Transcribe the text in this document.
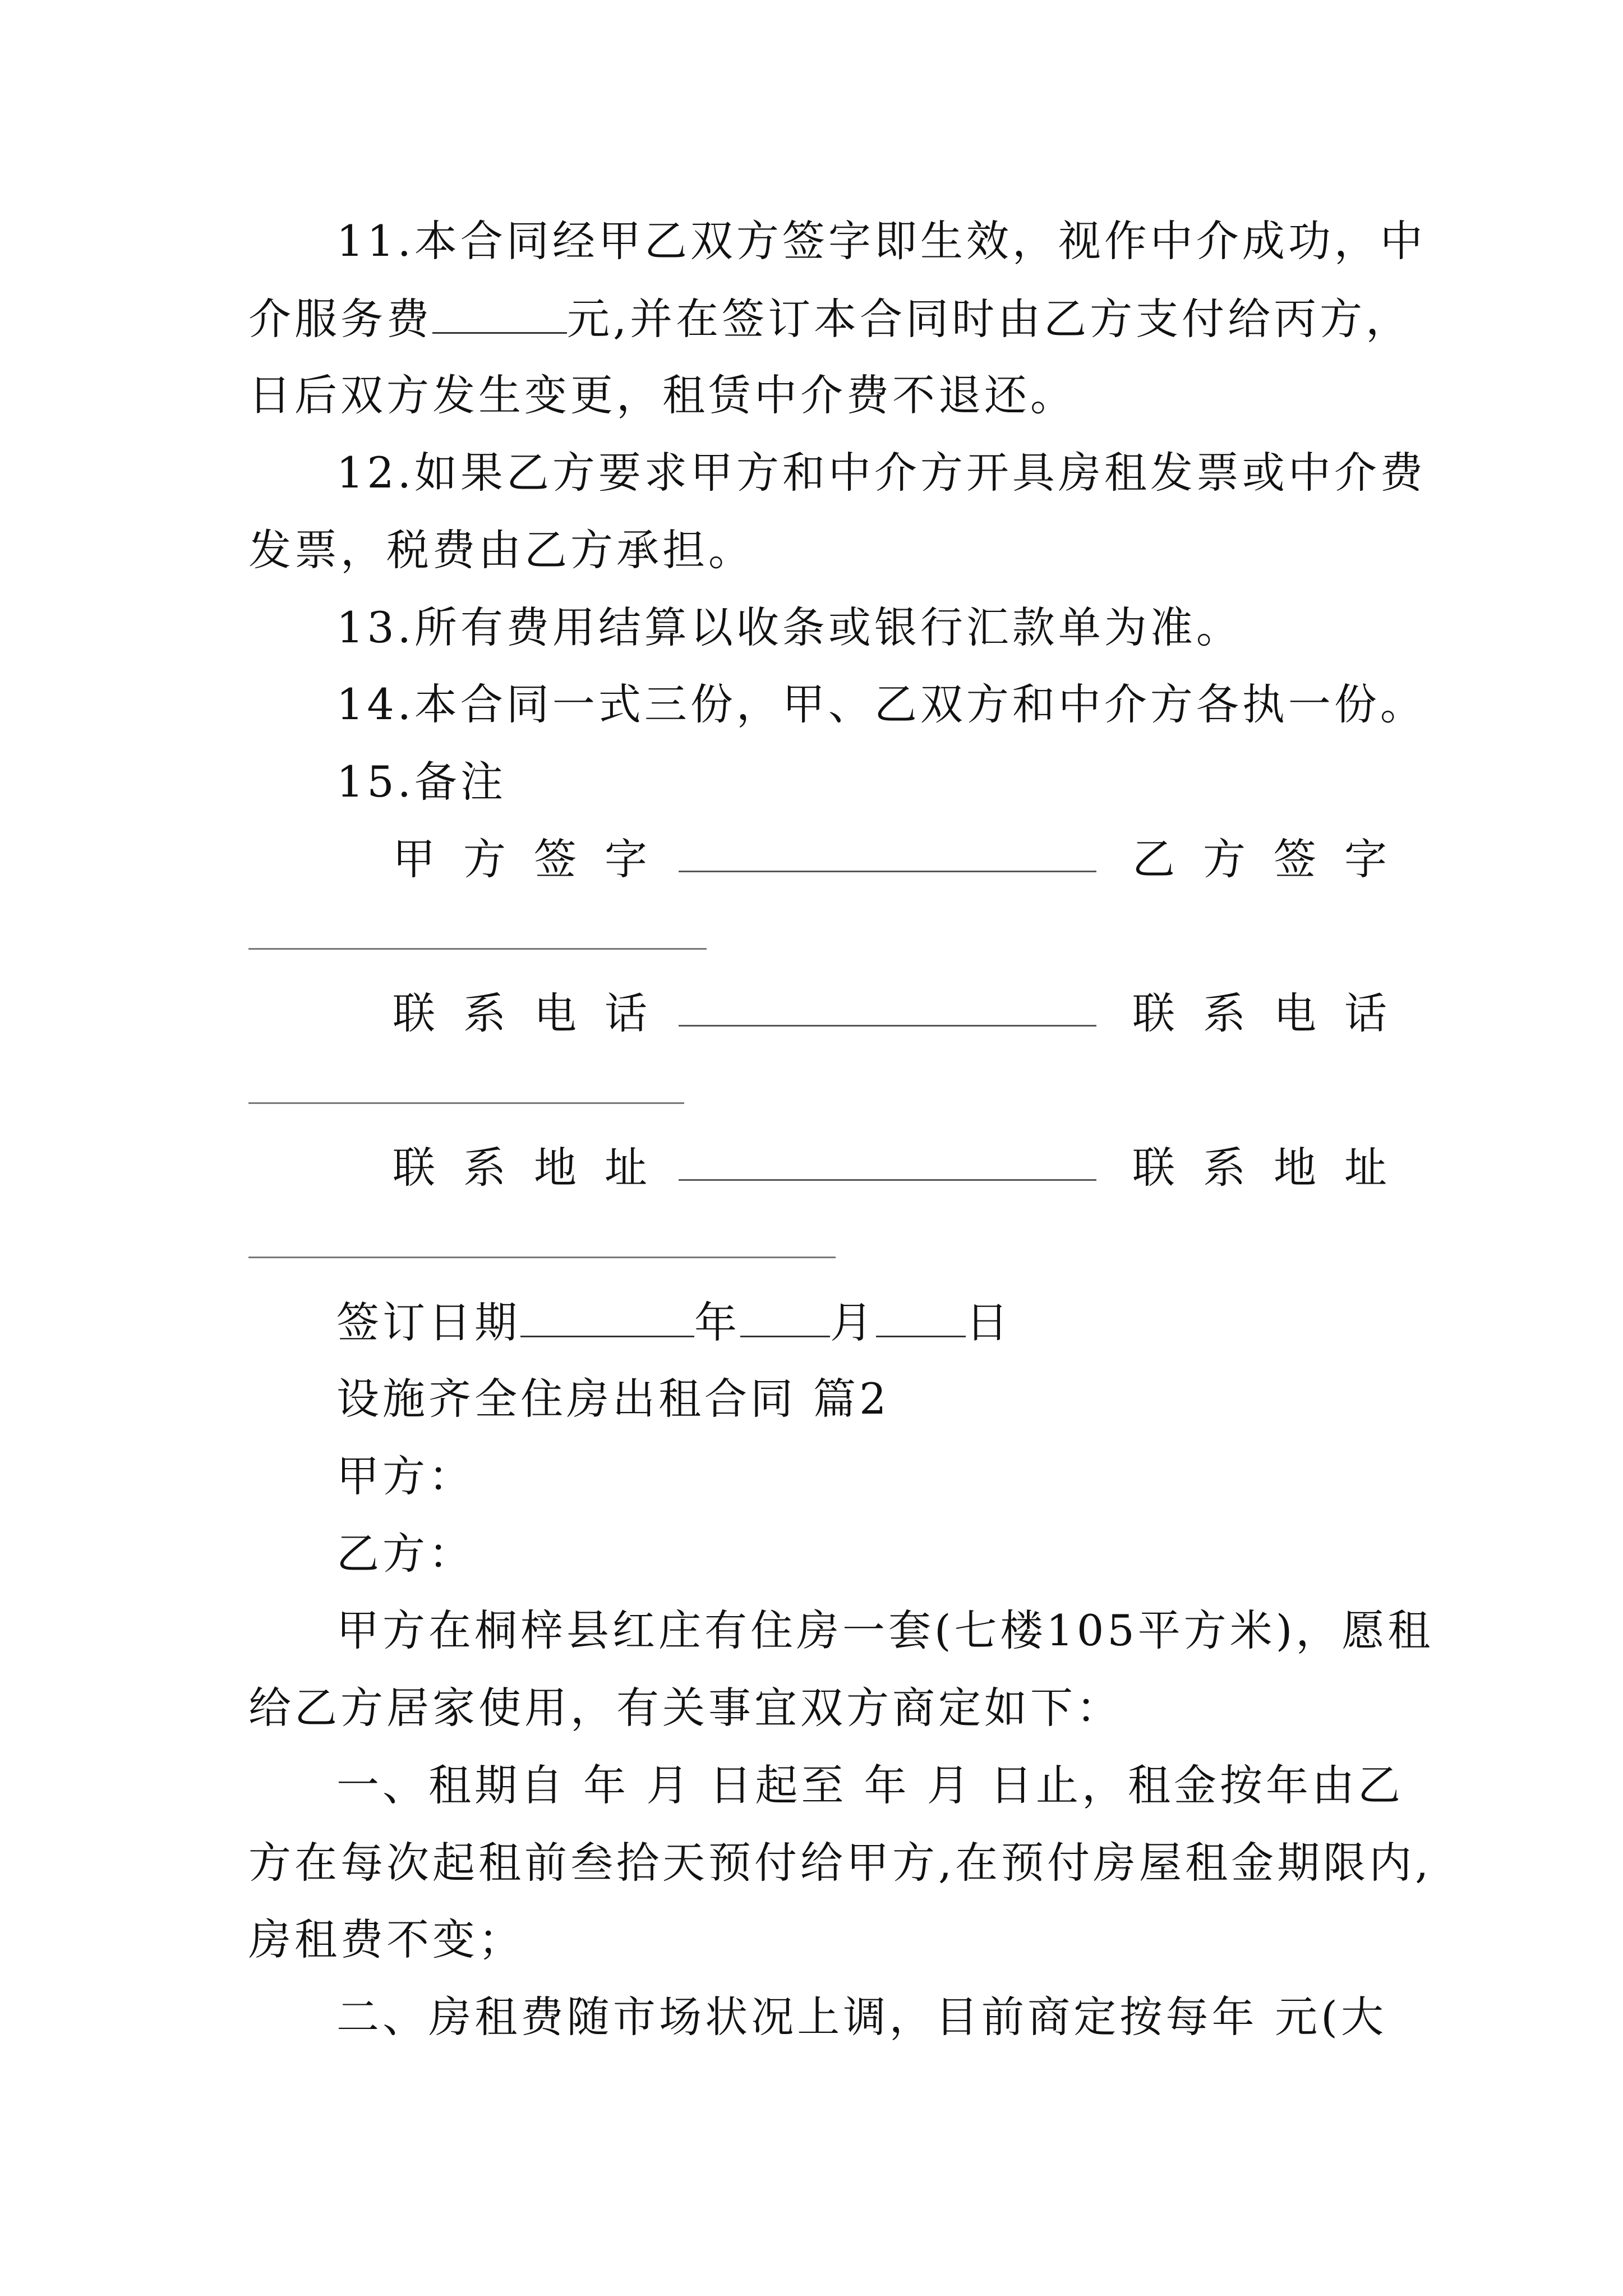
11.本合同经甲乙双方签字即生效，视作中介成功，中
介服务费	元,并在签订本合同时由乙方支付给丙方，
日后双方发生变更，租赁中介费不退还。
12.如果乙方要求甲方和中介方开具房租发票或中介费
发票，税费由乙方承担。
13.所有费用结算以收条或银行汇款单为准。
14.本合同一式三份，甲、乙双方和中介方各执一份。
15.备注
甲方签字	乙方签字
联系电话	联系电话
联系地址	联系地址
签订日期	年 月 日
设施齐全住房出租合同 篇2
甲方：
乙方：
甲方在桐梓县红庄有住房一套(七楼105平方米)，愿租
给乙方居家使用，有关事宜双方商定如下：
一、租期自 年 月 日起至 年 月 日止，租金按年由乙
方在每次起租前叁拾天预付给甲方,在预付房屋租金期限内,
房租费不变；
二、房租费随市场状况上调，目前商定按每年 元(大
